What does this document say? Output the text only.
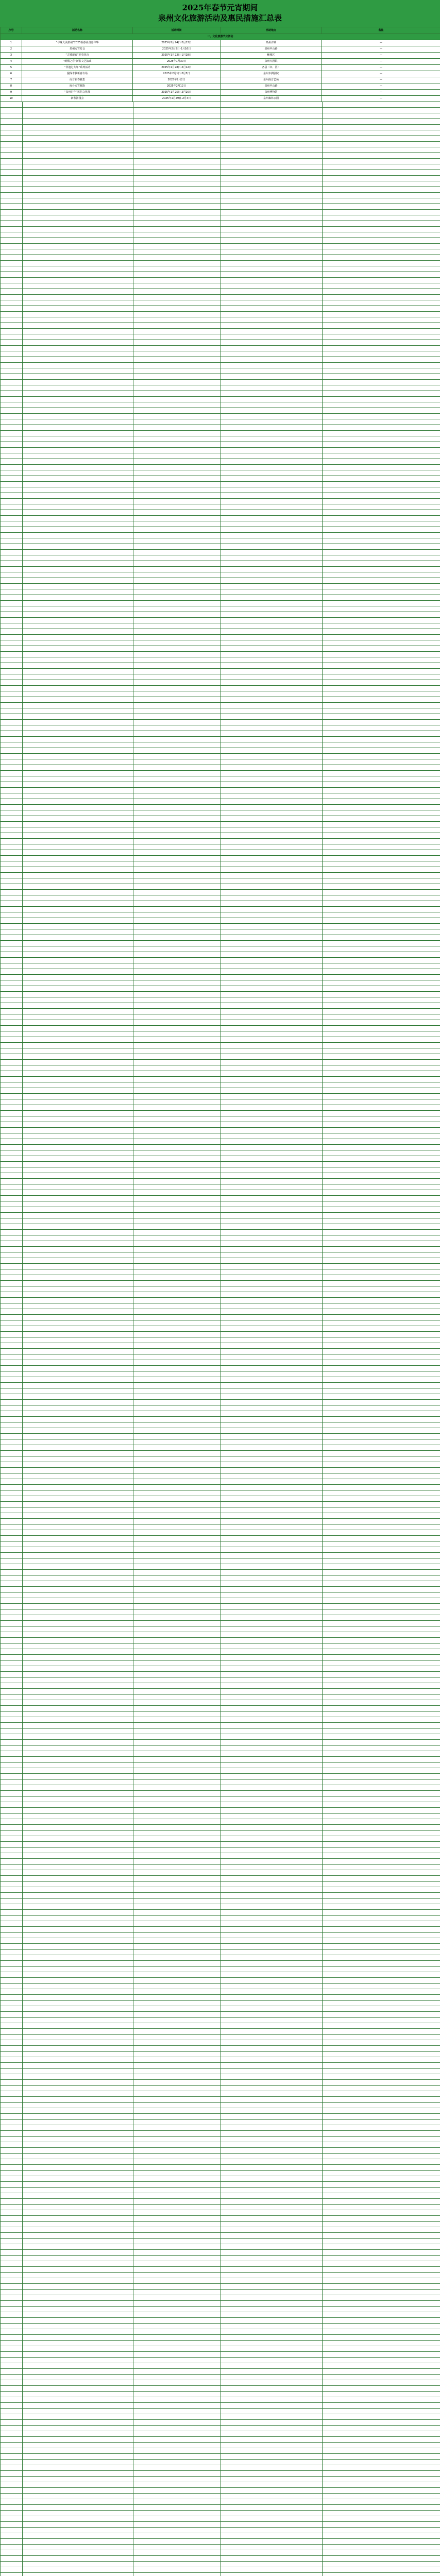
2025年春节元宵期间
泉州文化旅游活动及惠民措施汇总表
序号	活动名称	活动时间	活动地点	备注
一、文化旅游节庆活动				
1	“寻味大美泉州”2025新春美食嘉年华	2025年1月24日-2月12日	泉州古城	—
2	泉州元宵灯会	2025年2月5日-2月16日	泉州中山路	—
3	“古城新春”迎春花市	2025年1月22日-1月28日	鲤城区	—
4	“刺桐之春”新春文艺演出	2025年1月30日	泉州大剧院	—
5	“非遗过大年”系列活动	2025年1月28日-2月12日	各县（市、区）	—
6	提线木偶新春专场	2025年2月1日-2月5日	泉州木偶剧院	—
7	南音新春雅集	2025年2月2日	泉州南音艺苑	—
8	闽台元宵踩街	2025年2月12日	泉州中山路	—
9	“泉州过年”民俗文化展	2025年1月25日-2月20日	泉州博物馆	—
10	新春游园会	2025年1月29日-2月4日	泉州森林公园	—
